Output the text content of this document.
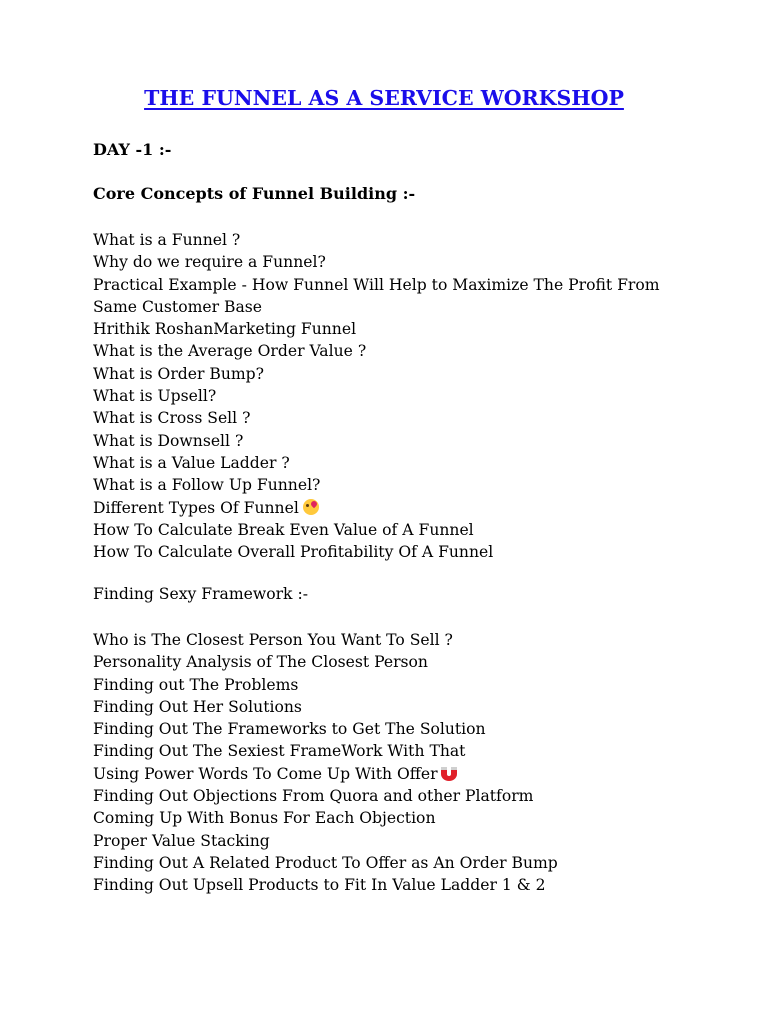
THE FUNNEL AS A SERVICE WORKSHOP
DAY -1 :-
Core Concepts of Funnel Building :-
What is a Funnel ?
Why do we require a Funnel?
Practical Example - How Funnel Will Help to Maximize The Profit From
Same Customer Base
Hrithik RoshanMarketing Funnel
What is the Average Order Value ?
What is Order Bump?
What is Upsell?
What is Cross Sell ?
What is Downsell ?
What is a Value Ladder ?
What is a Follow Up Funnel?
Different Types Of Funnel
How To Calculate Break Even Value of A Funnel
How To Calculate Overall Profitability Of A Funnel
Finding Sexy Framework :-
Who is The Closest Person You Want To Sell ?
Personality Analysis of The Closest Person
Finding out The Problems
Finding Out Her Solutions
Finding Out The Frameworks to Get The Solution
Finding Out The Sexiest FrameWork With That
Using Power Words To Come Up With Offer
Finding Out Objections From Quora and other Platform
Coming Up With Bonus For Each Objection
Proper Value Stacking
Finding Out A Related Product To Offer as An Order Bump
Finding Out Upsell Products to Fit In Value Ladder 1 & 2
